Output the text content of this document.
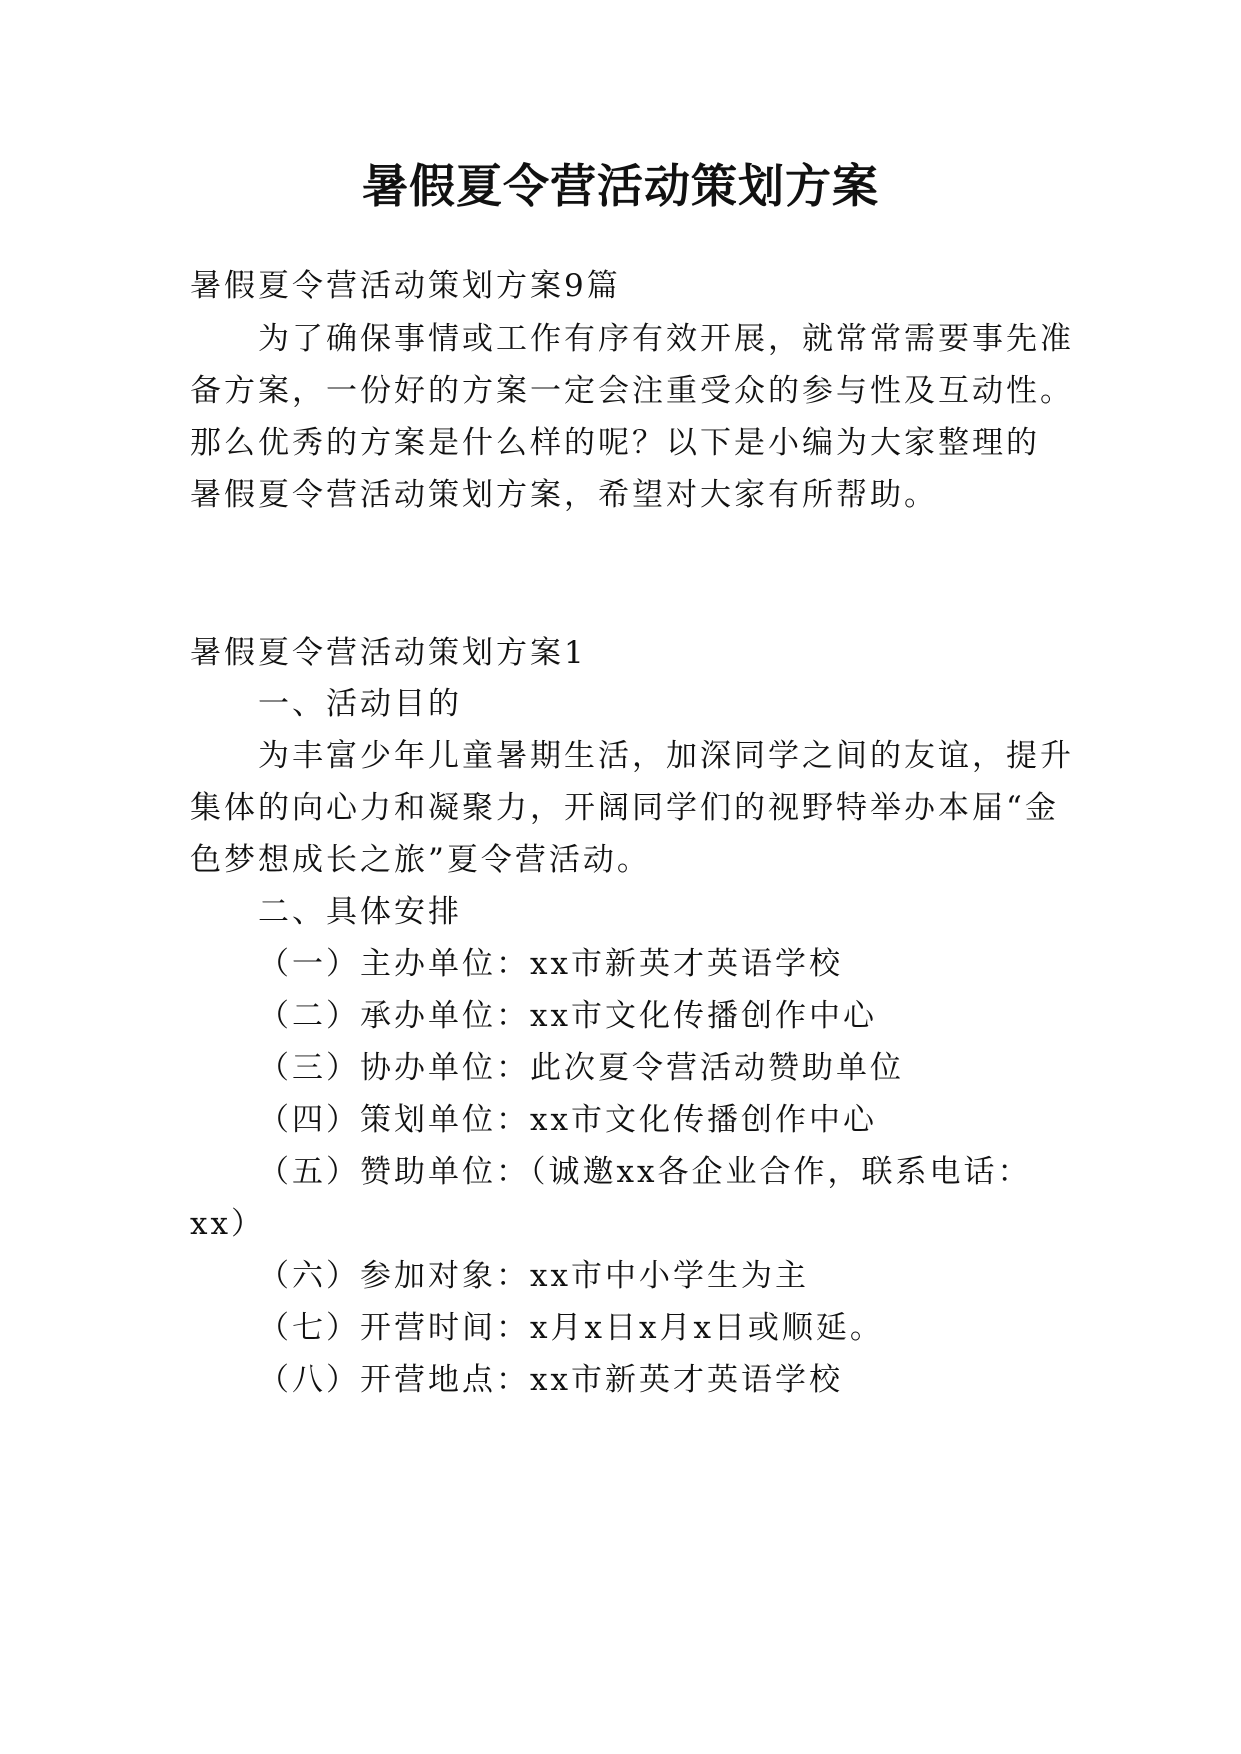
暑假夏令营活动策划方案
暑假夏令营活动策划方案9篇
为了确保事情或工作有序有效开展，就常常需要事先准
备方案，一份好的方案一定会注重受众的参与性及互动性。
那么优秀的方案是什么样的呢？以下是小编为大家整理的
暑假夏令营活动策划方案，希望对大家有所帮助。
暑假夏令营活动策划方案1
一、活动目的
为丰富少年儿童暑期生活，加深同学之间的友谊，提升
集体的向心力和凝聚力，开阔同学们的视野特举办本届“金
色梦想成长之旅”夏令营活动。
二、具体安排
（一）主办单位：xx市新英才英语学校
（二）承办单位：xx市文化传播创作中心
（三）协办单位：此次夏令营活动赞助单位
（四）策划单位：xx市文化传播创作中心
（五）赞助单位：（诚邀xx各企业合作，联系电话：
xx）
（六）参加对象：xx市中小学生为主
（七）开营时间：x月x日x月x日或顺延。
（八）开营地点：xx市新英才英语学校
